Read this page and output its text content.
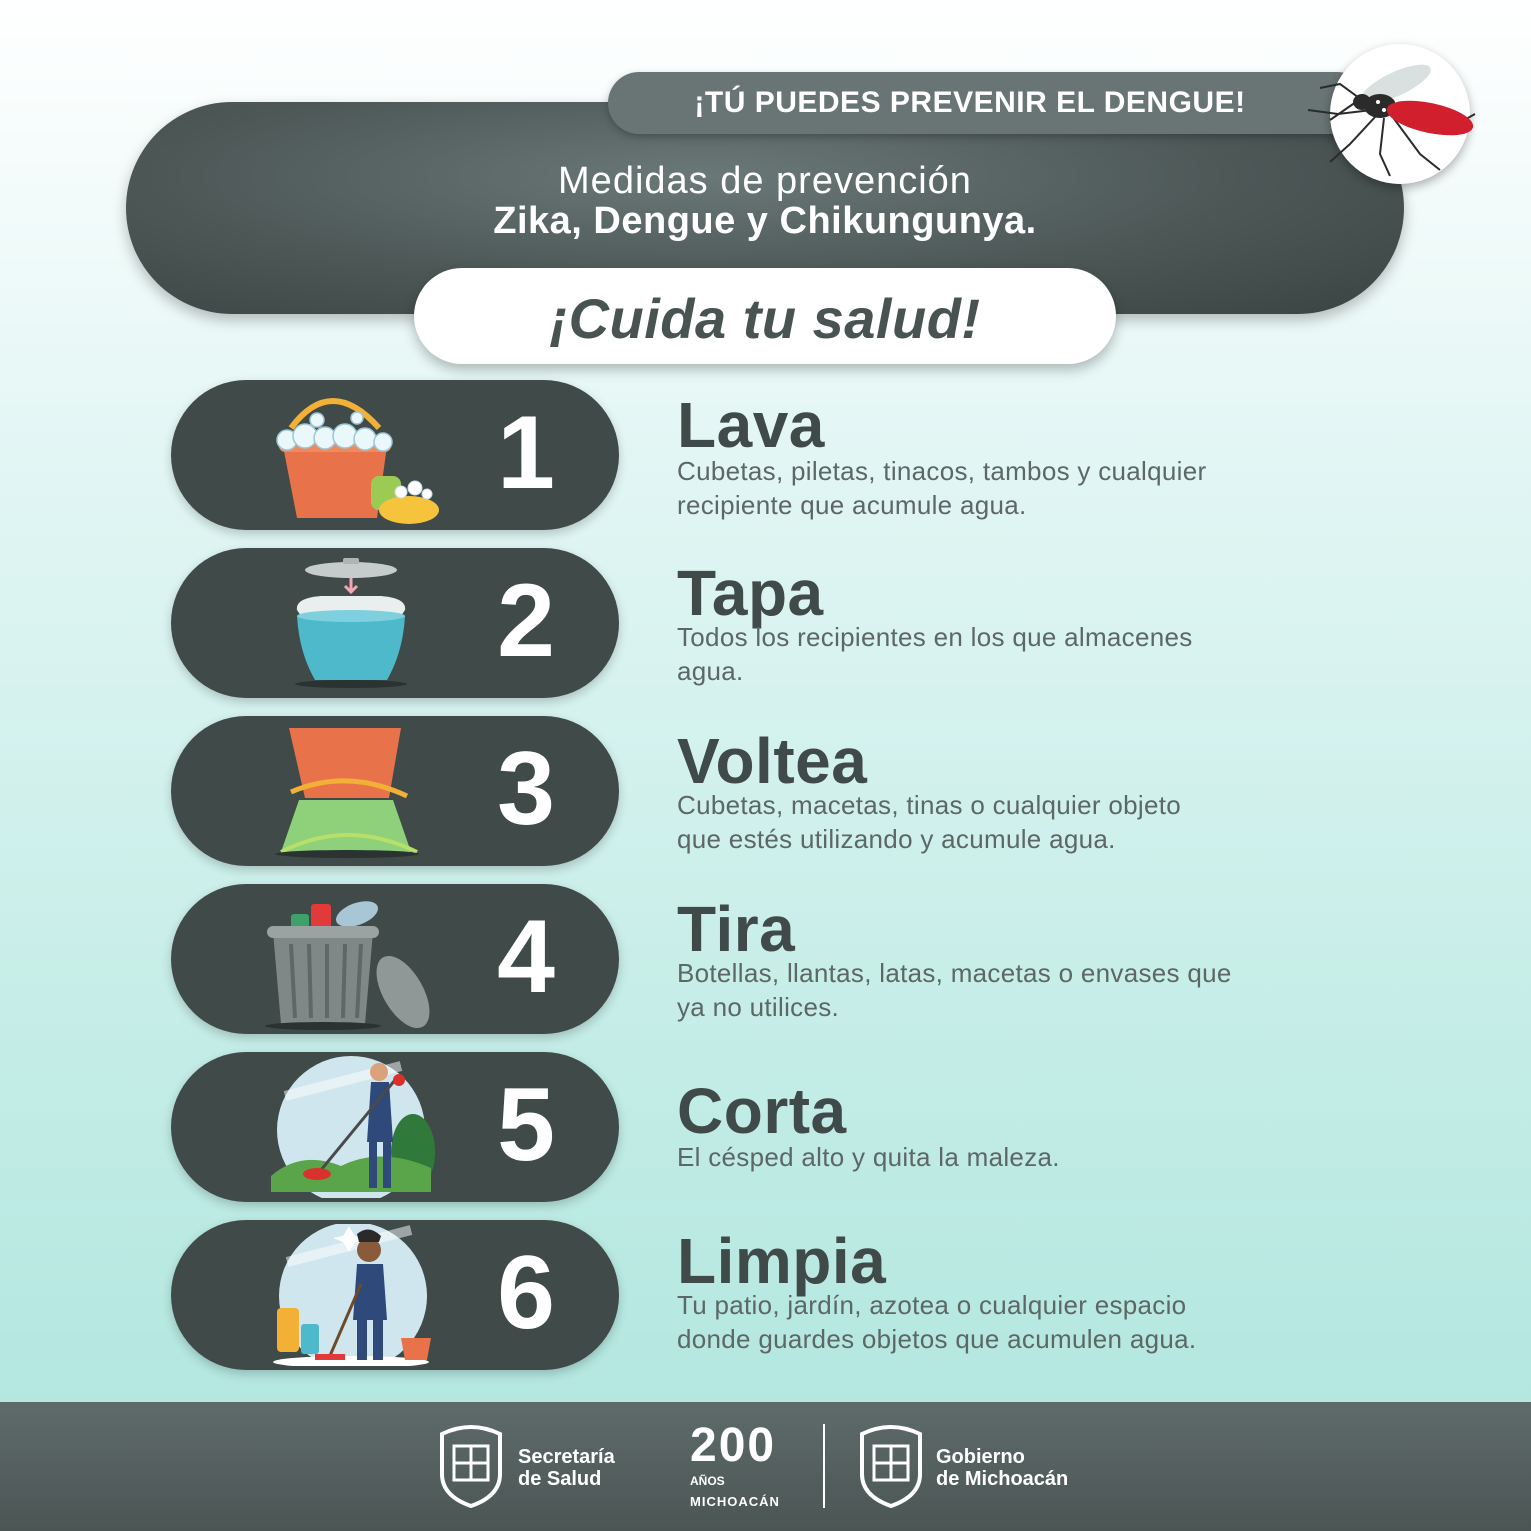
¡TÚ PUEDES PREVENIR EL DENGUE!
Medidas de prevención
Zika, Dengue y Chikungunya.
¡Cuida tu salud!
1	Lava
Cubetas, piletas, tinacos, tambos y cualquier
recipiente que acumule agua.
2	Tapa
Todos los recipientes en los que almacenes
agua.
3	Voltea
Cubetas, macetas, tinas o cualquier objeto
que estés utilizando y acumule agua.
4	Tira
Botellas, llantas, latas, macetas o envases que
ya no utilices.
5	Corta
El césped alto y quita la maleza.
6	Limpia
Tu patio, jardín, azotea o cualquier espacio
donde guardes objetos que acumulen agua.
Secretaría
de Salud
200
AÑOS
MICHOACÁN
Gobierno
de Michoacán
